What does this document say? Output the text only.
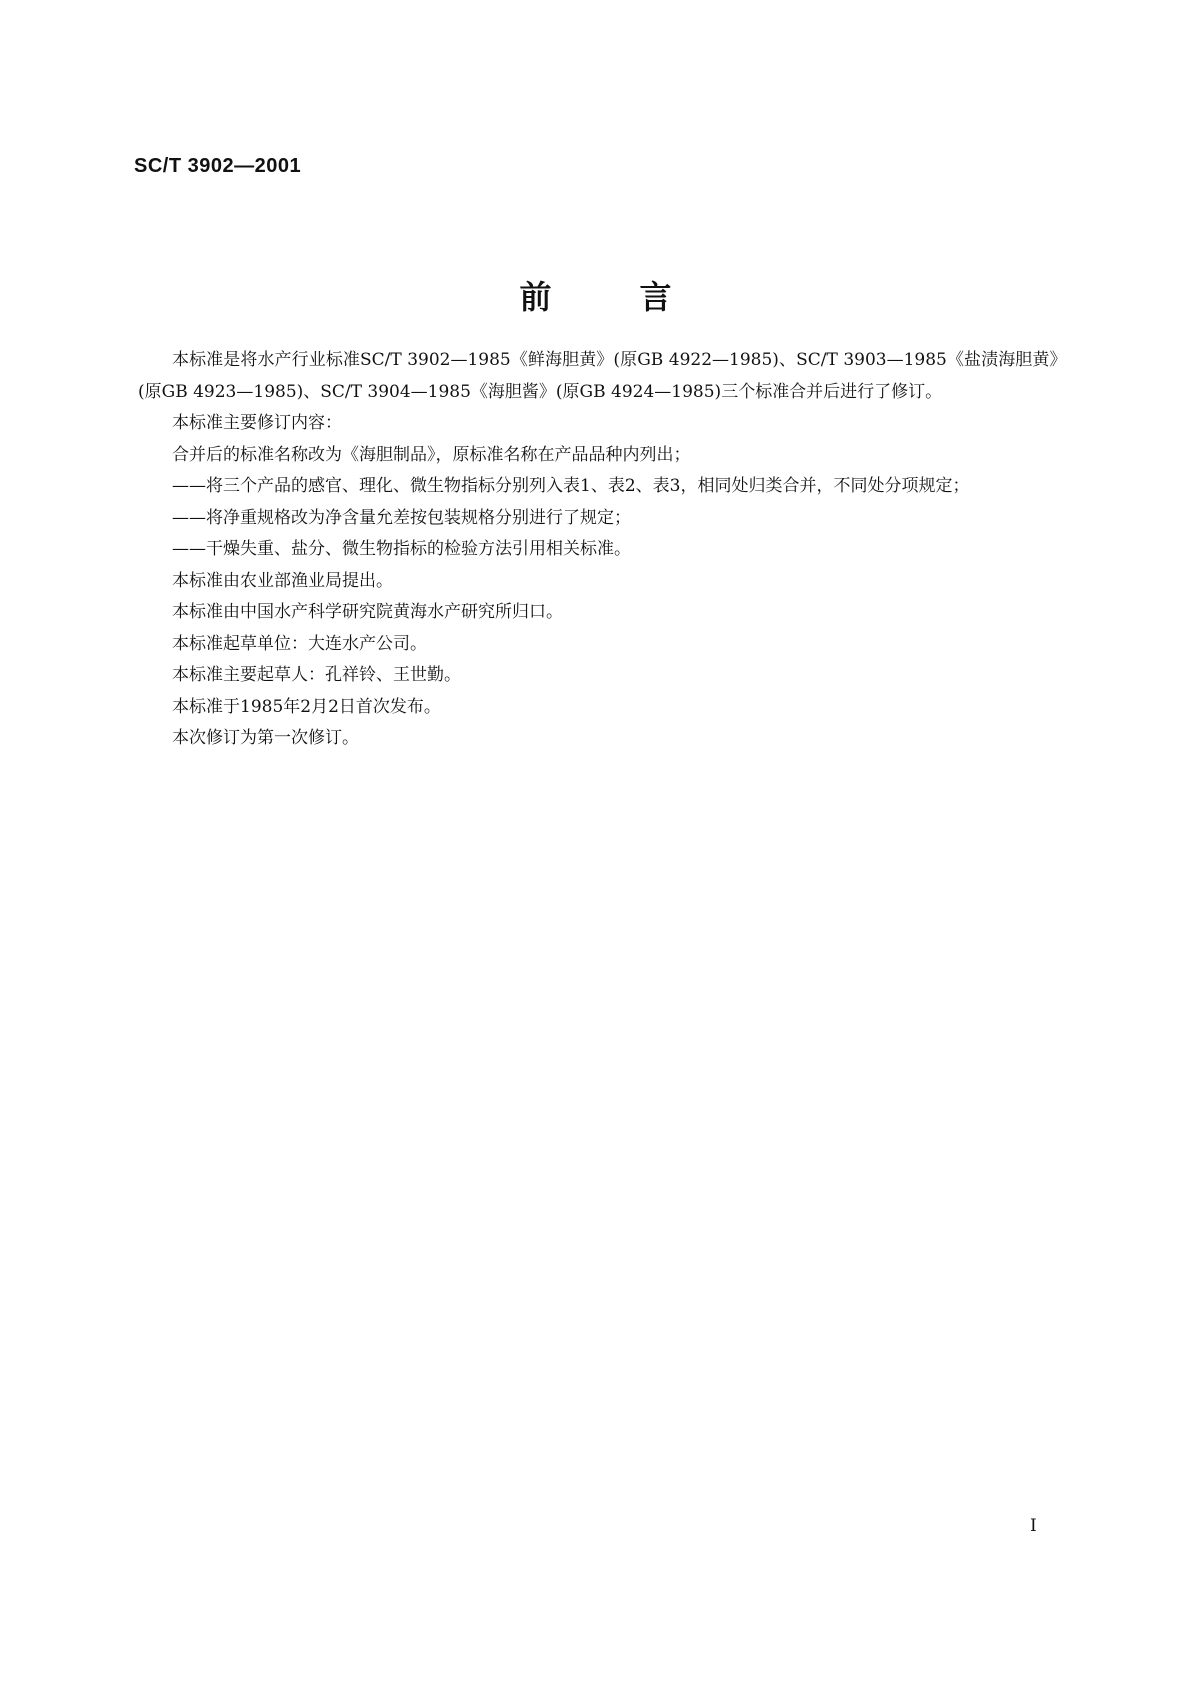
SC/T 3902—2001
前言

本标准是将水产行业标准SC/T 3902—1985《鲜海胆黄》(原GB 4922—1985)、SC/T 3903—1985《盐渍海胆黄》(原GB 4923—1985)、SC/T 3904—1985《海胆酱》(原GB 4924—1985)三个标准合并后进行了修订。

本标准主要修订内容：

合并后的标准名称改为《海胆制品》，原标准名称在产品品种内列出；

——将三个产品的感官、理化、微生物指标分别列入表1、表2、表3，相同处归类合并，不同处分项规定；

——将净重规格改为净含量允差按包装规格分别进行了规定；

——干燥失重、盐分、微生物指标的检验方法引用相关标准。

本标准由农业部渔业局提出。

本标准由中国水产科学研究院黄海水产研究所归口。

本标准起草单位：大连水产公司。

本标准主要起草人：孔祥铃、王世勤。

本标准于1985年2月2日首次发布。

本次修订为第一次修订。

I
